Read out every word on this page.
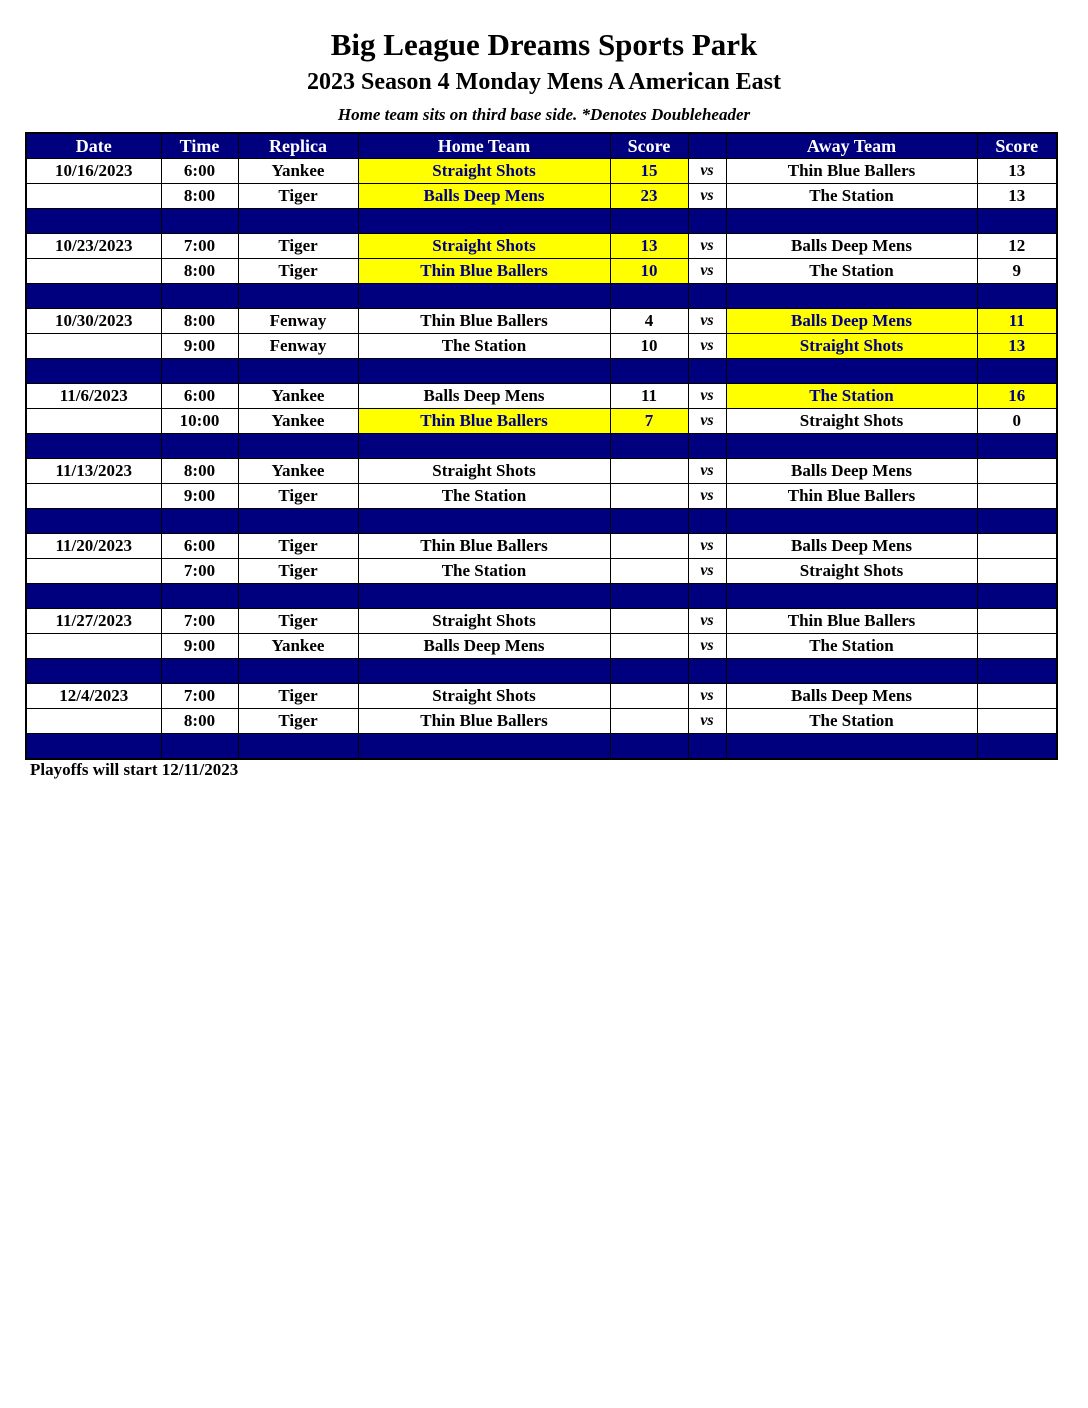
Big League Dreams Sports Park
2023 Season 4 Monday Mens A American East
Home team sits on third base side. *Denotes Doubleheader
Date	Time	Replica	Home Team	Score		Away Team	Score
10/16/2023	6:00	Yankee	Straight Shots	15	vs	Thin Blue Ballers	13
	8:00	Tiger	Balls Deep Mens	23	vs	The Station	13

10/23/2023	7:00	Tiger	Straight Shots	13	vs	Balls Deep Mens	12
	8:00	Tiger	Thin Blue Ballers	10	vs	The Station	9

10/30/2023	8:00	Fenway	Thin Blue Ballers	4	vs	Balls Deep Mens	11
	9:00	Fenway	The Station	10	vs	Straight Shots	13

11/6/2023	6:00	Yankee	Balls Deep Mens	11	vs	The Station	16
	10:00	Yankee	Thin Blue Ballers	7	vs	Straight Shots	0

11/13/2023	8:00	Yankee	Straight Shots		vs	Balls Deep Mens	
	9:00	Tiger	The Station		vs	Thin Blue Ballers	

11/20/2023	6:00	Tiger	Thin Blue Ballers		vs	Balls Deep Mens	
	7:00	Tiger	The Station		vs	Straight Shots	

11/27/2023	7:00	Tiger	Straight Shots		vs	Thin Blue Ballers	
	9:00	Yankee	Balls Deep Mens		vs	The Station	

12/4/2023	7:00	Tiger	Straight Shots		vs	Balls Deep Mens	
	8:00	Tiger	Thin Blue Ballers		vs	The Station	

Playoffs will start 12/11/2023
